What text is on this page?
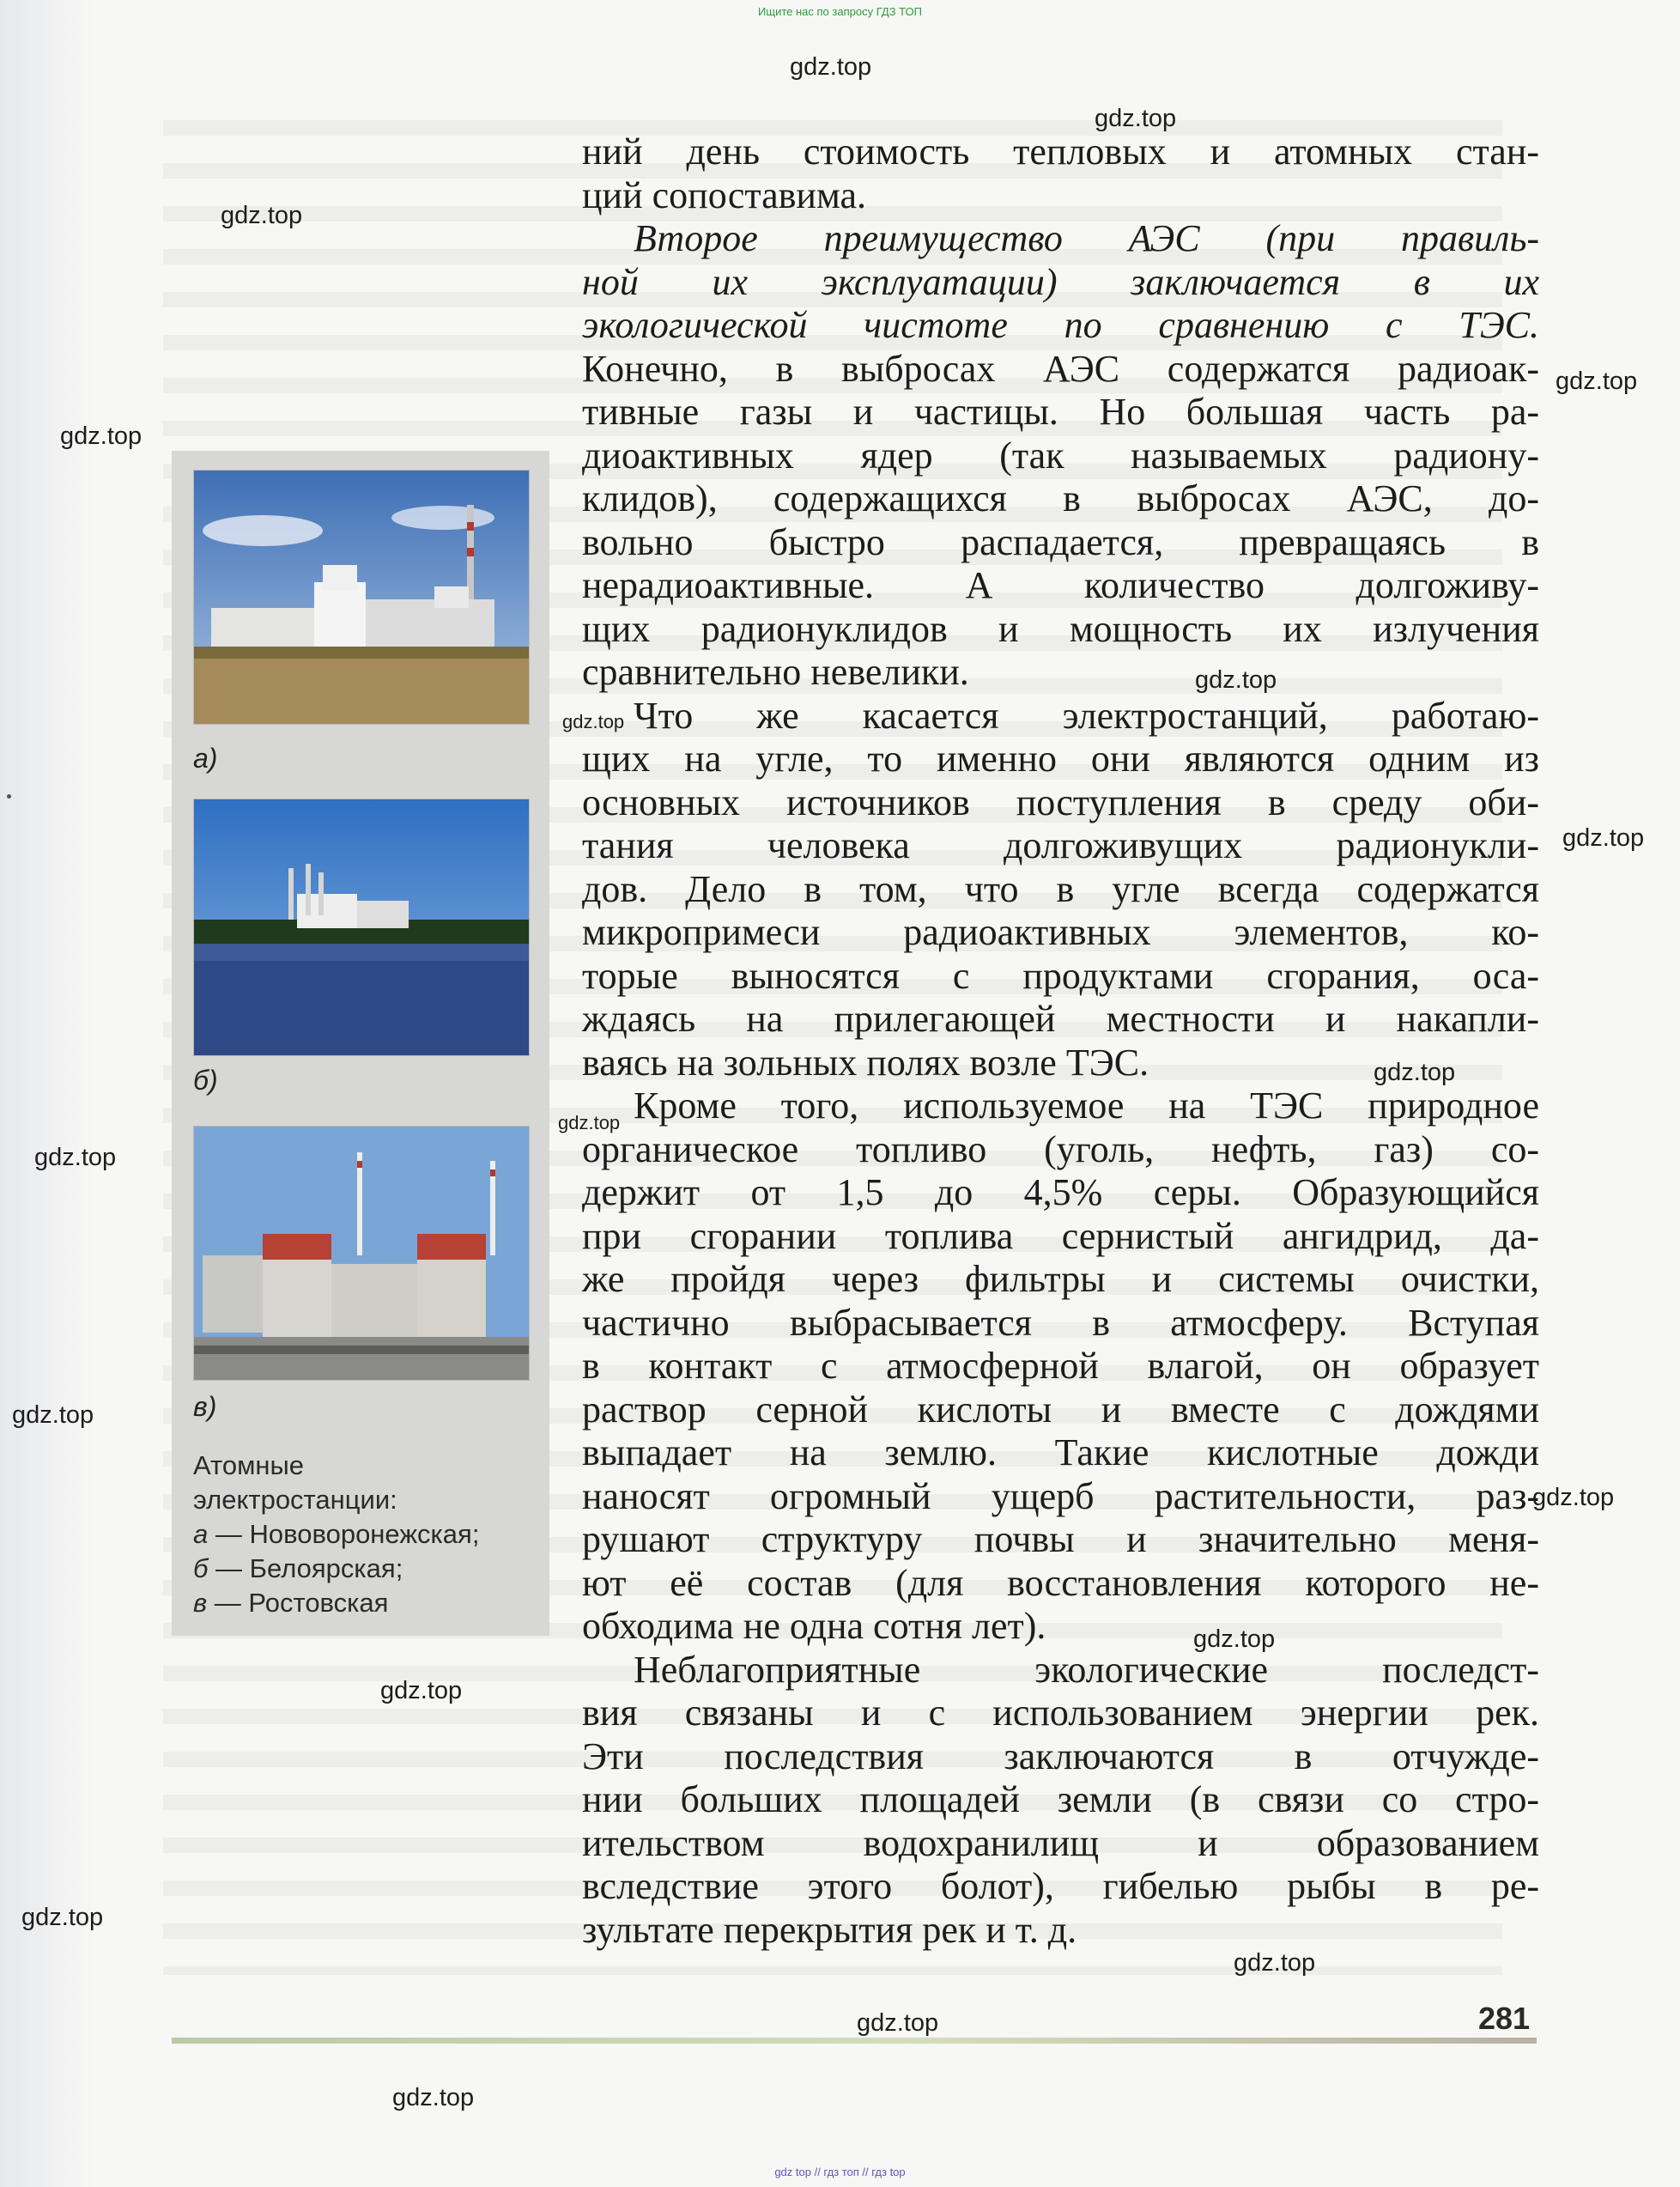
Ищите нас по запросу ГДЗ ТОП
а)
б)
в)
Атомные
электростанции:
а — Нововоронежская;
б — Белоярская;
в — Ростовская
ний день стоимость тепловых и атомных стан-
ций сопоставима.
Второе преимущество АЭС (при правиль-
ной их эксплуатации) заключается в их
экологической чистоте по сравнению с ТЭС.
Конечно, в выбросах АЭС содержатся радиоак-
тивные газы и частицы. Но большая часть ра-
диоактивных ядер (так называемых радиону-
клидов), содержащихся в выбросах АЭС, до-
вольно быстро распадается, превращаясь в
нерадиоактивные. А количество долгоживу-
щих радионуклидов и мощность их излучения
сравнительно невелики.
Что же касается электростанций, работаю-
щих на угле, то именно они являются одним из
основных источников поступления в среду оби-
тания человека долгоживущих радионукли-
дов. Дело в том, что в угле всегда содержатся
микропримеси радиоактивных элементов, ко-
торые выносятся с продуктами сгорания, оса-
ждаясь на прилегающей местности и накапли-
ваясь на зольных полях возле ТЭС.
Кроме того, используемое на ТЭС природное
органическое топливо (уголь, нефть, газ) со-
держит от 1,5 до 4,5% серы. Образующийся
при сгорании топлива сернистый ангидрид, да-
же пройдя через фильтры и системы очистки,
частично выбрасывается в атмосферу. Вступая
в контакт с атмосферной влагой, он образует
раствор серной кислоты и вместе с дождями
выпадает на землю. Такие кислотные дожди
наносят огромный ущерб растительности, раз-
рушают структуру почвы и значительно меня-
ют её состав (для восстановления которого не-
обходима не одна сотня лет).
Неблагоприятные экологические последст-
вия связаны и с использованием энергии рек.
Эти последствия заключаются в отчужде-
нии больших площадей земли (в связи со стро-
ительством водохранилищ и образованием
вследствие этого болот), гибелью рыбы в ре-
зультате перекрытия рек и т. д.
281
gdz.top
gdz.top
gdz.top
gdz.top
gdz.top
gdz.top
gdz.top
gdz.top
gdz.top
gdz.top
gdz.top
gdz.top
gdz.top
gdz.top
gdz.top
gdz.top
gdz.top
gdz.top
gdz.top
gdz top // гдз топ // гдз top
